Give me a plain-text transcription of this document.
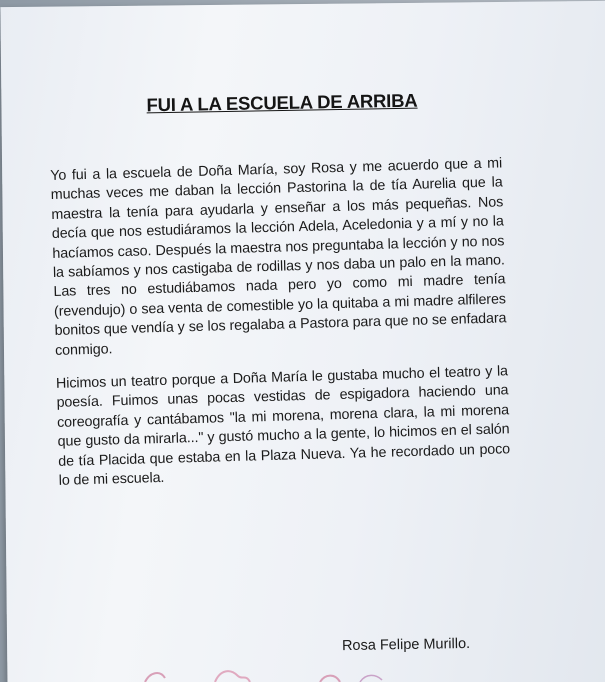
FUI A LA ESCUELA DE ARRIBA

Yo fui a la escuela de Doña María, soy Rosa y me acuerdo que a mi muchas veces me daban la lección Pastorina la de tía Aurelia que la maestra la tenía para ayudarla y enseñar a los más pequeñas. Nos decía que nos estudiáramos la lección Adela, Aceledonia y a mí y no la hacíamos caso. Después la maestra nos preguntaba la lección y no nos la sabíamos y nos castigaba de rodillas y nos daba un palo en la mano. Las tres no estudiábamos nada pero yo como mi madre tenía (revendujo) o sea venta de comestible yo la quitaba a mi madre alfileres bonitos que vendía y se los regalaba a Pastora para que no se enfadara conmigo.

Hicimos un teatro porque a Doña María le gustaba mucho el teatro y la poesía. Fuimos unas pocas vestidas de espigadora haciendo una coreografía y cantábamos "la mi morena, morena clara, la mi morena que gusto da mirarla..." y gustó mucho a la gente, lo hicimos en el salón de tía Placida que estaba en la Plaza Nueva. Ya he recordado un poco lo de mi escuela.

Rosa Felipe Murillo.
